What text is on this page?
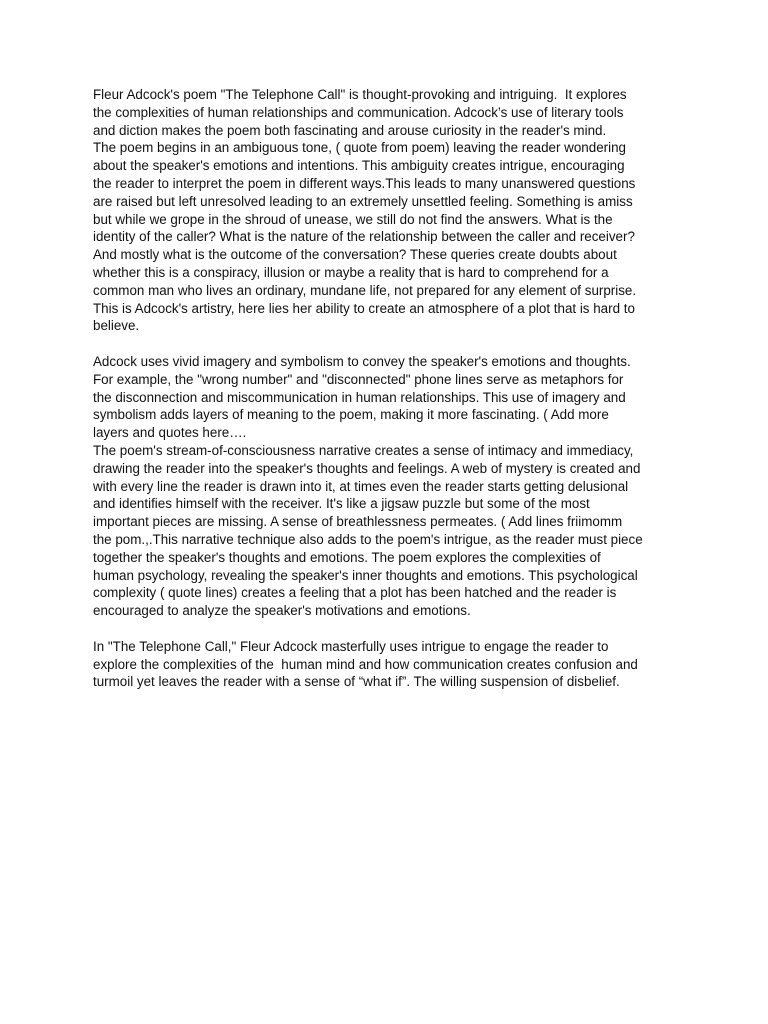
Fleur Adcock's poem "The Telephone Call" is thought-provoking and intriguing.  It explores
the complexities of human relationships and communication. Adcock’s use of literary tools
and diction makes the poem both fascinating and arouse curiosity in the reader's mind.
The poem begins in an ambiguous tone, ( quote from poem) leaving the reader wondering
about the speaker's emotions and intentions. This ambiguity creates intrigue, encouraging
the reader to interpret the poem in different ways.This leads to many unanswered questions
are raised but left unresolved leading to an extremely unsettled feeling. Something is amiss
but while we grope in the shroud of unease, we still do not find the answers. What is the
identity of the caller? What is the nature of the relationship between the caller and receiver?
And mostly what is the outcome of the conversation? These queries create doubts about
whether this is a conspiracy, illusion or maybe a reality that is hard to comprehend for a
common man who lives an ordinary, mundane life, not prepared for any element of surprise.
This is Adcock's artistry, here lies her ability to create an atmosphere of a plot that is hard to
believe.
Adcock uses vivid imagery and symbolism to convey the speaker's emotions and thoughts.
For example, the "wrong number" and "disconnected" phone lines serve as metaphors for
the disconnection and miscommunication in human relationships. This use of imagery and
symbolism adds layers of meaning to the poem, making it more fascinating. ( Add more
layers and quotes here….
The poem's stream-of-consciousness narrative creates a sense of intimacy and immediacy,
drawing the reader into the speaker's thoughts and feelings. A web of mystery is created and
with every line the reader is drawn into it, at times even the reader starts getting delusional
and identifies himself with the receiver. It's like a jigsaw puzzle but some of the most
important pieces are missing. A sense of breathlessness permeates. ( Add lines friimomm
the pom.,.This narrative technique also adds to the poem's intrigue, as the reader must piece
together the speaker's thoughts and emotions. The poem explores the complexities of
human psychology, revealing the speaker's inner thoughts and emotions. This psychological
complexity ( quote lines) creates a feeling that a plot has been hatched and the reader is
encouraged to analyze the speaker's motivations and emotions.
In "The Telephone Call," Fleur Adcock masterfully uses intrigue to engage the reader to
explore the complexities of the  human mind and how communication creates confusion and
turmoil yet leaves the reader with a sense of “what if”. The willing suspension of disbelief.
